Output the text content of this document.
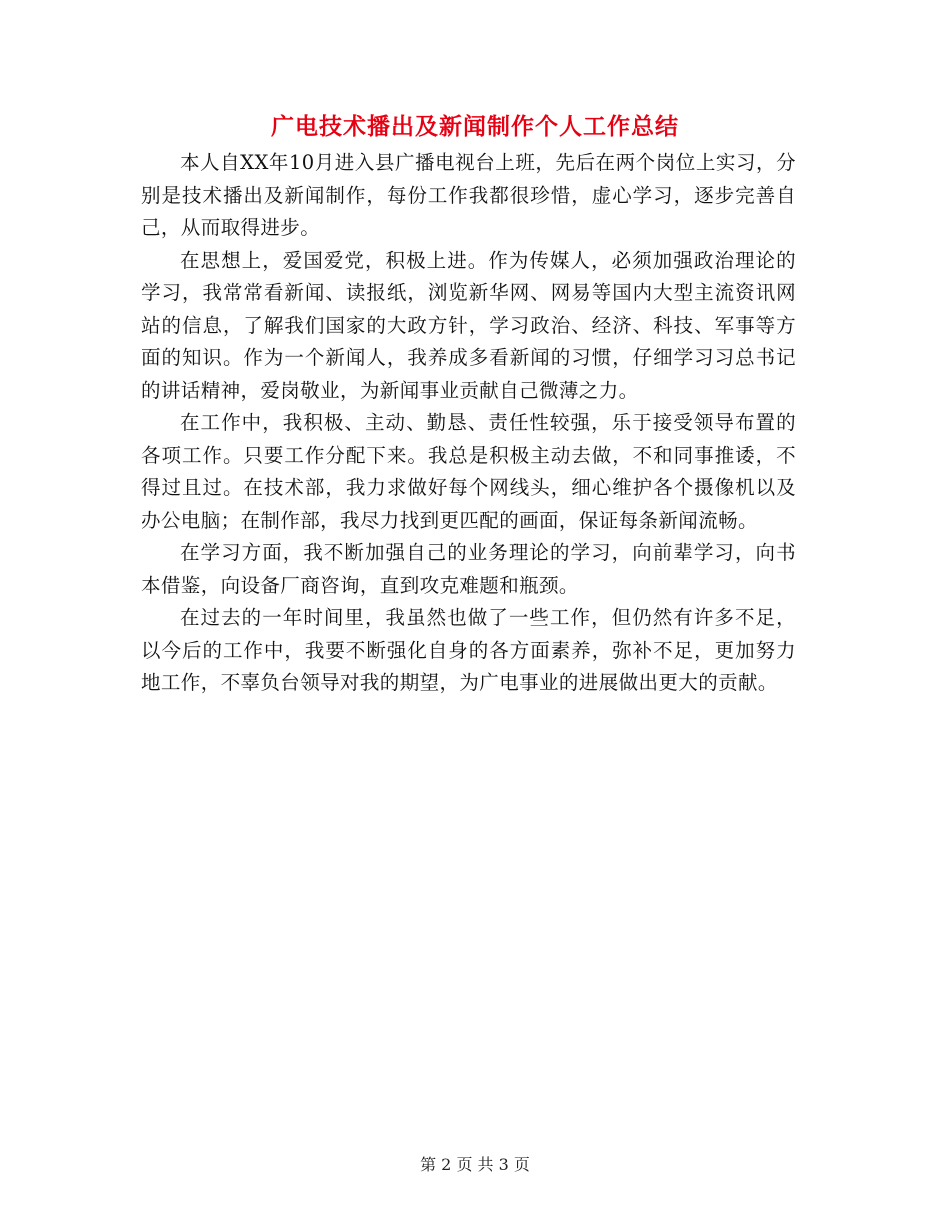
广电技术播出及新闻制作个人工作总结

本人自XX年10月进入县广播电视台上班，先后在两个岗位上实习，分别是技术播出及新闻制作，每份工作我都很珍惜，虚心学习，逐步完善自己，从而取得进步。

在思想上，爱国爱党，积极上进。作为传媒人，必须加强政治理论的学习，我常常看新闻、读报纸，浏览新华网、网易等国内大型主流资讯网站的信息，了解我们国家的大政方针，学习政治、经济、科技、军事等方面的知识。作为一个新闻人，我养成多看新闻的习惯，仔细学习习总书记的讲话精神，爱岗敬业，为新闻事业贡献自己微薄之力。

在工作中，我积极、主动、勤恳、责任性较强，乐于接受领导布置的各项工作。只要工作分配下来。我总是积极主动去做，不和同事推诿，不得过且过。在技术部，我力求做好每个网线头，细心维护各个摄像机以及办公电脑；在制作部，我尽力找到更匹配的画面，保证每条新闻流畅。

在学习方面，我不断加强自己的业务理论的学习，向前辈学习，向书本借鉴，向设备厂商咨询，直到攻克难题和瓶颈。

在过去的一年时间里，我虽然也做了一些工作，但仍然有许多不足，以今后的工作中，我要不断强化自身的各方面素养，弥补不足，更加努力地工作，不辜负台领导对我的期望，为广电事业的进展做出更大的贡献。

第 2 页 共 3 页
